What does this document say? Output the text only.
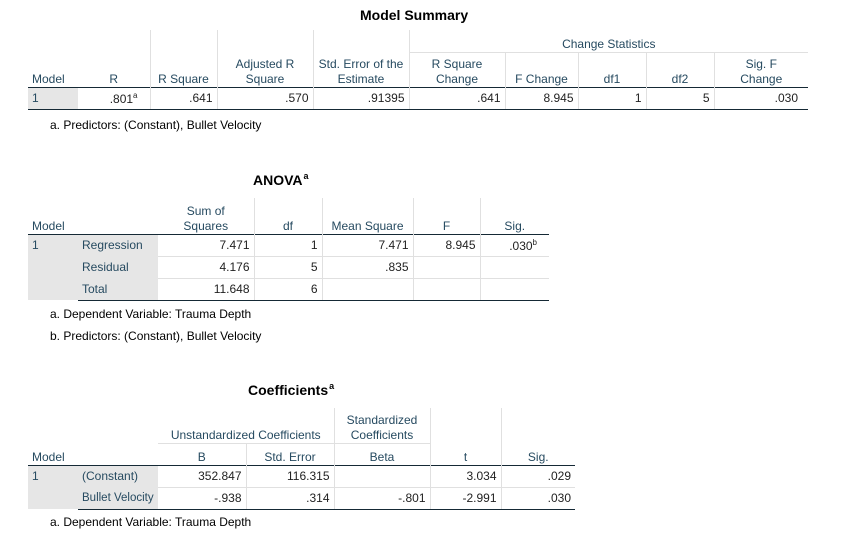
Model Summary
					Change Statistics				
Model	R	R Square	Adjusted R Square	Std. Error of the Estimate	R Square Change	F Change	df1	df2	Sig. F Change
1	.801$^a$	.641	.570	.91395	.641	8.945	1	5	.030
a. Predictors: (Constant), Bullet Velocity
ANOVA$^a$
Model		Sum of Squares	df	Mean Square	F	Sig.
1	Regression	7.471	1	7.471	8.945	.030$^b$
	Residual	4.176	5	.835		
	Total	11.648	6			
a. Dependent Variable: Trauma Depth
b. Predictors: (Constant), Bullet Velocity
Coefficients$^a$
		Unstandardized Coefficients		Standardized Coefficients		
Model		B	Std. Error	Beta	t	Sig.
1	(Constant)	352.847	116.315		3.034	.029
	Bullet Velocity	-.938	.314	-.801	-2.991	.030
a. Dependent Variable: Trauma Depth
